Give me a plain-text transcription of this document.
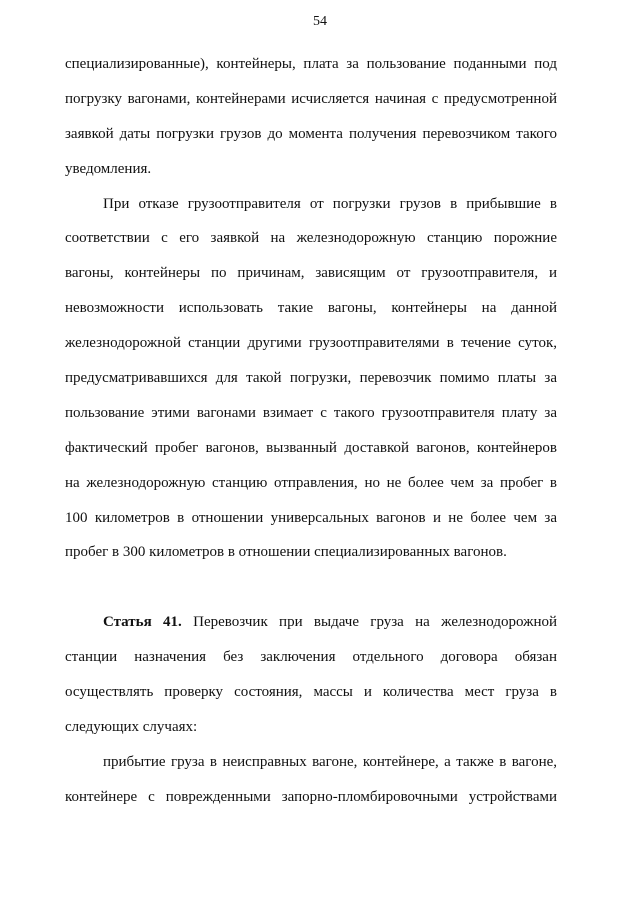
54
специализированные), контейнеры, плата за пользование поданными под
погрузку вагонами, контейнерами исчисляется начиная с предусмотренной
заявкой даты погрузки грузов до момента получения перевозчиком такого
уведомления.
При отказе грузоотправителя от погрузки грузов в прибывшие в
соответствии с его заявкой на железнодорожную станцию порожние
вагоны, контейнеры по причинам, зависящим от грузоотправителя, и
невозможности использовать такие вагоны, контейнеры на данной
железнодорожной станции другими грузоотправителями в течение суток,
предусматривавшихся для такой погрузки, перевозчик помимо платы за
пользование этими вагонами взимает с такого грузоотправителя плату за
фактический пробег вагонов, вызванный доставкой вагонов, контейнеров
на железнодорожную станцию отправления, но не более чем за пробег в
100 километров в отношении универсальных вагонов и не более чем за
пробег в 300 километров в отношении специализированных вагонов.
Статья 41. Перевозчик при выдаче груза на железнодорожной
станции назначения без заключения отдельного договора обязан
осуществлять проверку состояния, массы и количества мест груза в
следующих случаях:
прибытие груза в неисправных вагоне, контейнере, а также в вагоне,
контейнере с поврежденными запорно-пломбировочными устройствами
